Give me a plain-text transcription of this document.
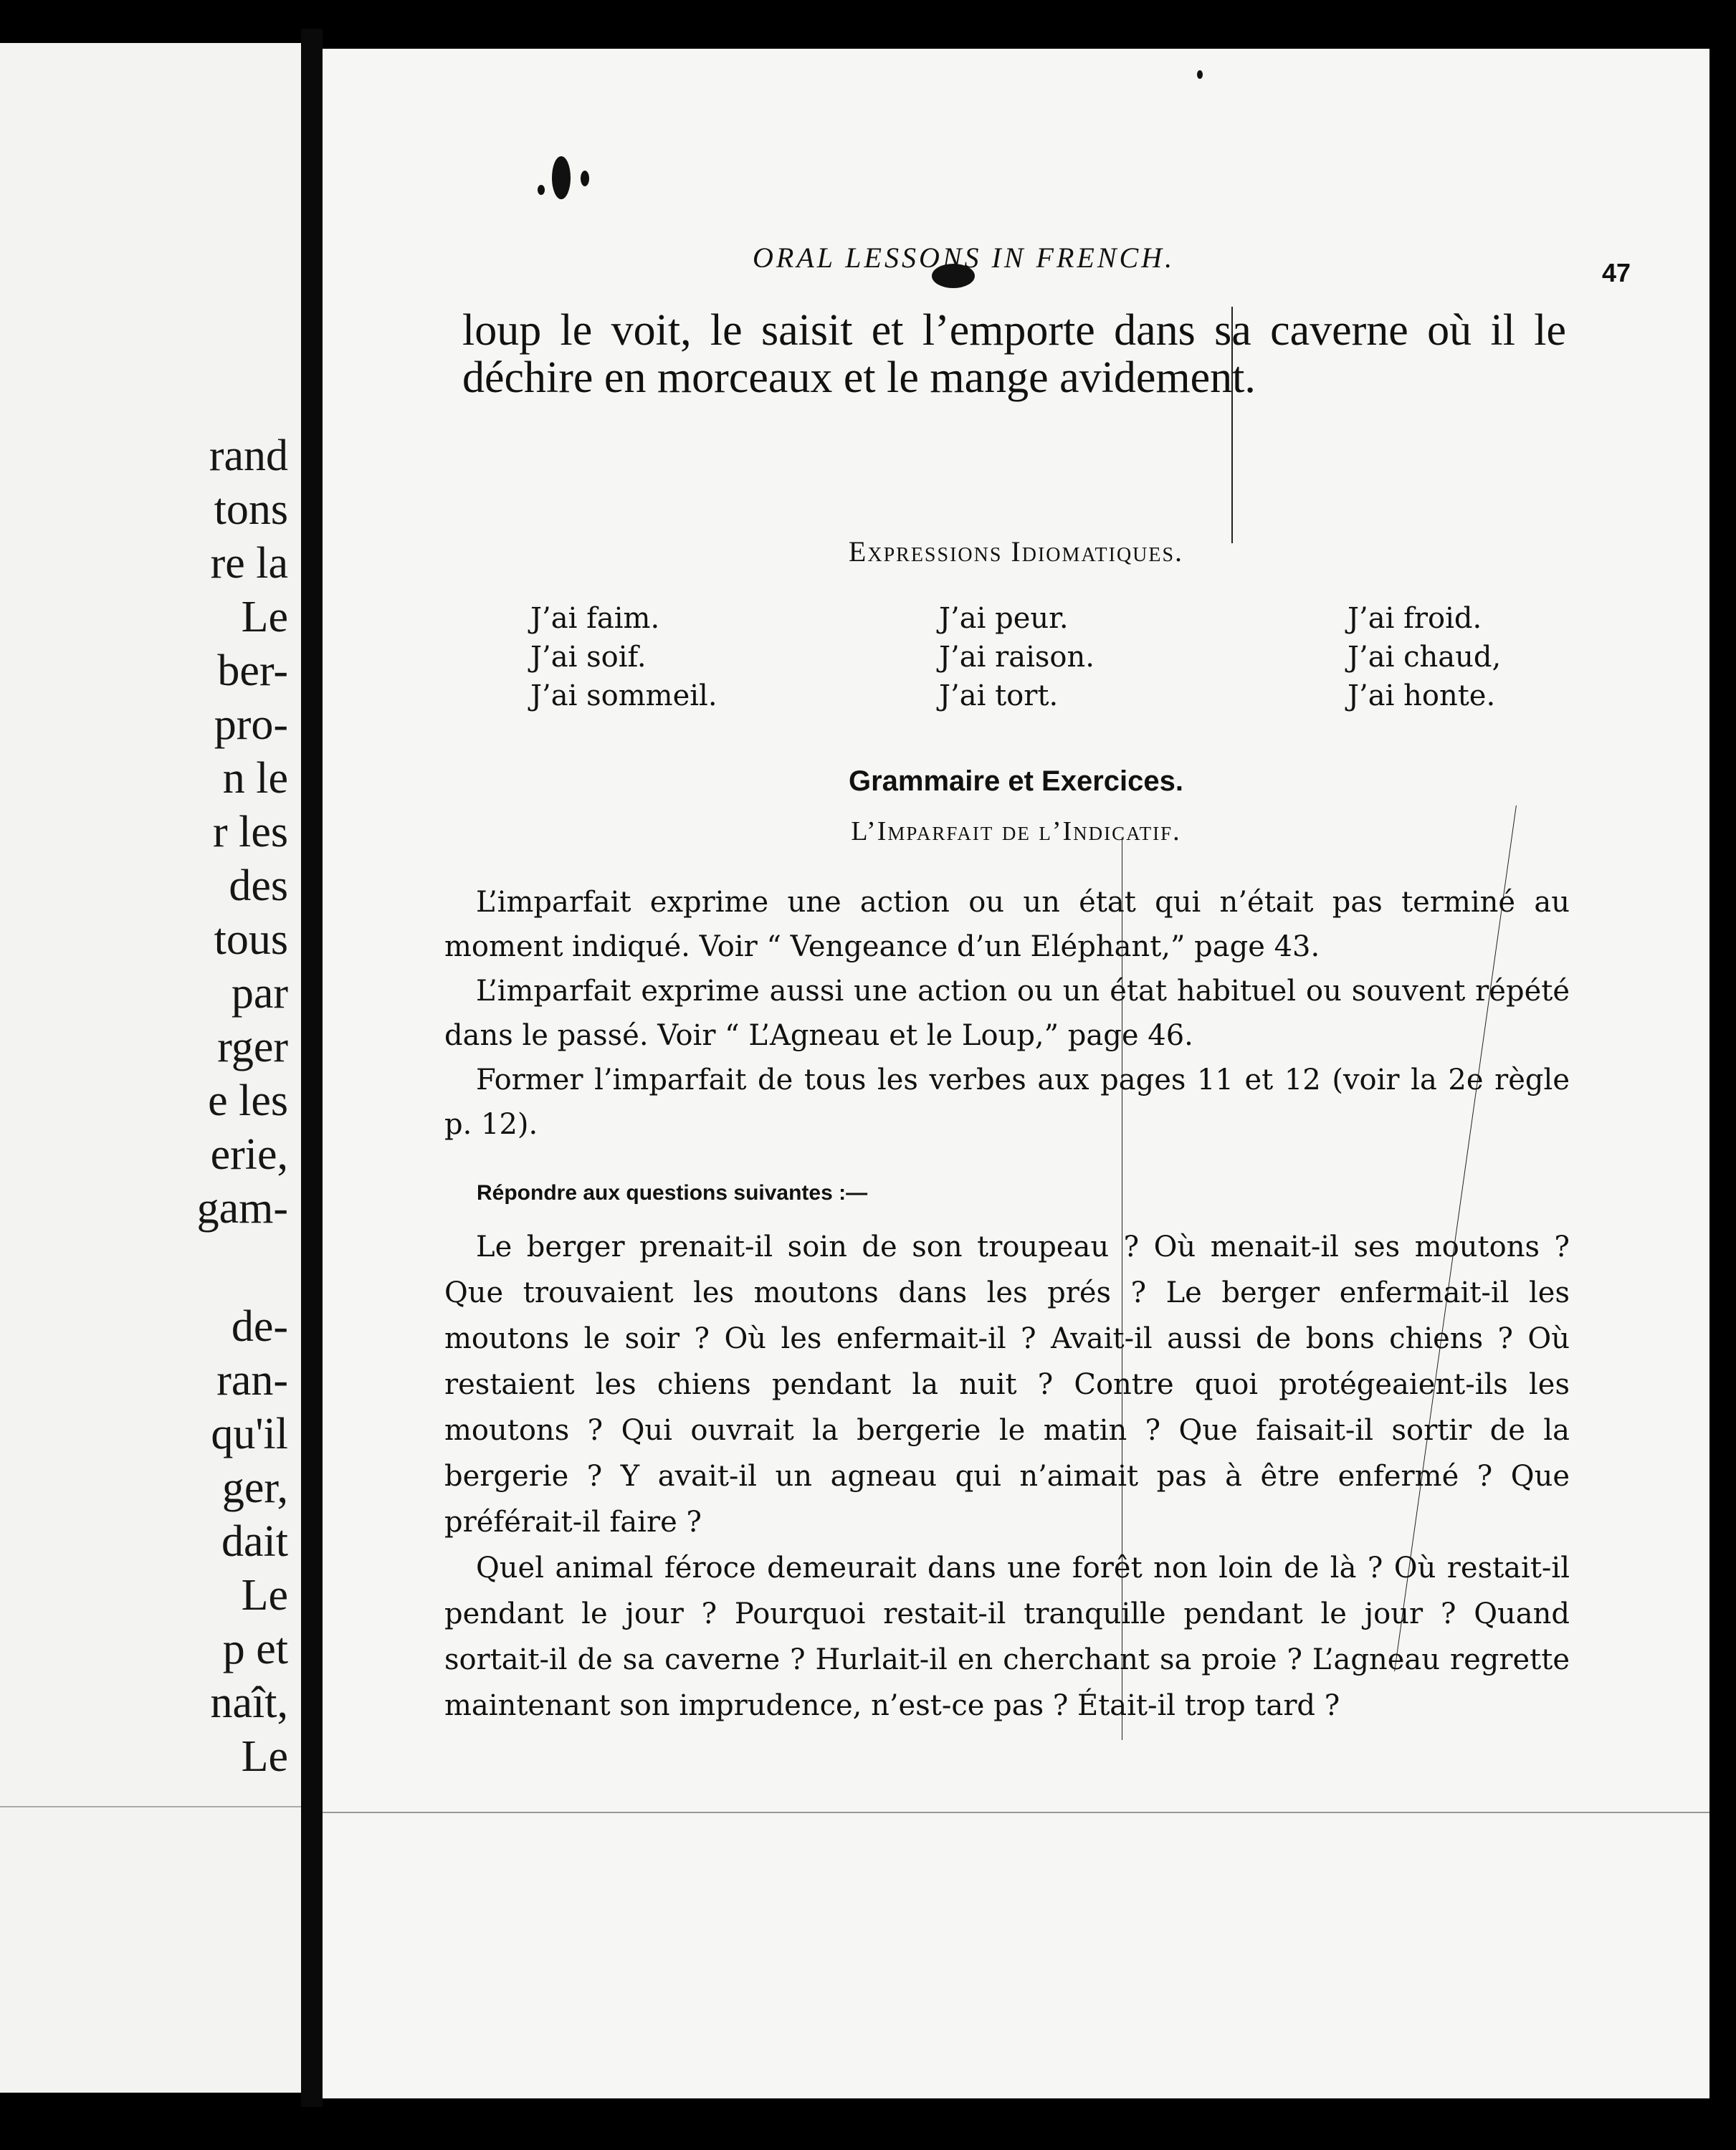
rand
tons
re la
Le
ber-
pro-
n le
r les
des
tous
par
rger
e les
erie,
gam-
de-
ran-
qu'il
ger,
dait
Le
p et
naît,
Le
ORAL LESSONS IN FRENCH.	47
loup le voit, le saisit et l’emporte dans sa caverne où il le déchire en morceaux et le mange avidement.
Expressions Idiomatiques.
J’ai faim.
J’ai soif.
J’ai sommeil.
J’ai peur.
J’ai raison.
J’ai tort.
J’ai froid.
J’ai chaud,
J’ai honte.
Grammaire et Exercices.
L’Imparfait de l’Indicatif.

L’imparfait exprime une action ou un état qui n’était pas terminé au moment indiqué. Voir “ Vengeance d’un Eléphant,” page 43.

L’imparfait exprime aussi une action ou un état habituel ou souvent répété dans le passé. Voir “ L’Agneau et le Loup,” page 46.

Former l’imparfait de tous les verbes aux pages 11 et 12 (voir la 2e règle p. 12).

Répondre aux questions suivantes :—

Le berger prenait-il soin de son troupeau ? Où menait-il ses moutons ? Que trouvaient les moutons dans les prés ? Le berger enfermait-il les moutons le soir ? Où les enfermait-il ? Avait-il aussi de bons chiens ? Où restaient les chiens pendant la nuit ? Contre quoi protégeaient-ils les moutons ? Qui ouvrait la bergerie le matin ? Que faisait-il sortir de la bergerie ? Y avait-il un agneau qui n’aimait pas à être enfermé ? Que préférait-il faire ?

Quel animal féroce demeurait dans une forêt non loin de là ? Où restait-il pendant le jour ? Pourquoi restait-il tranquille pendant le jour ? Quand sortait-il de sa caverne ? Hurlait-il en cherchant sa proie ? L’agneau regrette maintenant son imprudence, n’est-ce pas ? Était-il trop tard ?
